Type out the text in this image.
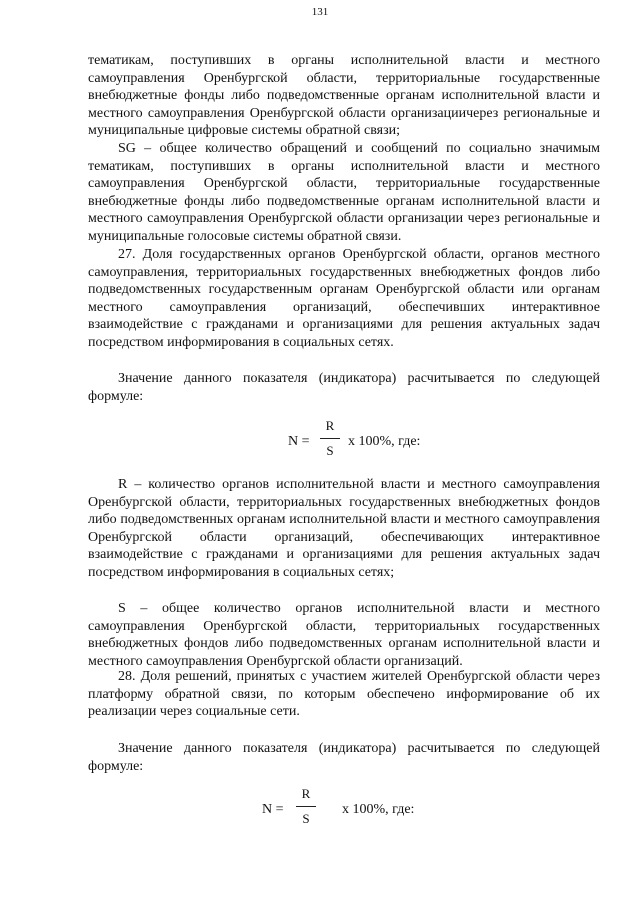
131

тематикам, поступивших в органы исполнительной власти и местного самоуправления Оренбургской области, территориальные государственные внебюджетные фонды либо подведомственные органам исполнительной власти и местного самоуправления Оренбургской области организациичерез региональные и муниципальные цифровые системы обратной связи;

SG – общее количество обращений и сообщений по социально значимым тематикам, поступивших в органы исполнительной власти и местного самоуправления Оренбургской области, территориальные государственные внебюджетные фонды либо подведомственные органам исполнительной власти и местного самоуправления Оренбургской области организации через региональные и муниципальные голосовые системы обратной связи.

27. Доля государственных органов Оренбургской области, органов местного самоуправления, территориальных государственных внебюджетных фондов либо подведомственных государственным органам Оренбургской области или органам местного самоуправления организаций, обеспечивших интерактивное взаимодействие с гражданами и организациями для решения актуальных задач посредством информирования в социальных сетях.

Значение данного показателя (индикатора) расчитывается по следующей формуле:

N =
R
S
x 100%, где:

R – количество органов исполнительной власти и местного самоуправления Оренбургской области, территориальных государственных внебюджетных фондов либо подведомственных органам исполнительной власти и местного самоуправления Оренбургской области организаций, обеспечивающих интерактивное взаимодействие с гражданами и организациями для решения актуальных задач посредством информирования в социальных сетях;

S – общее количество органов исполнительной власти и местного самоуправления Оренбургской области, территориальных государственных внебюджетных фондов либо подведомственных органам исполнительной власти и местного самоуправления Оренбургской области организаций.

28. Доля решений, принятых с участием жителей Оренбургской области через платформу обратной связи, по которым обеспечено информирование об их реализации через социальные сети.

Значение данного показателя (индикатора) расчитывается по следующей формуле:

N =
R
S
x 100%, где:
